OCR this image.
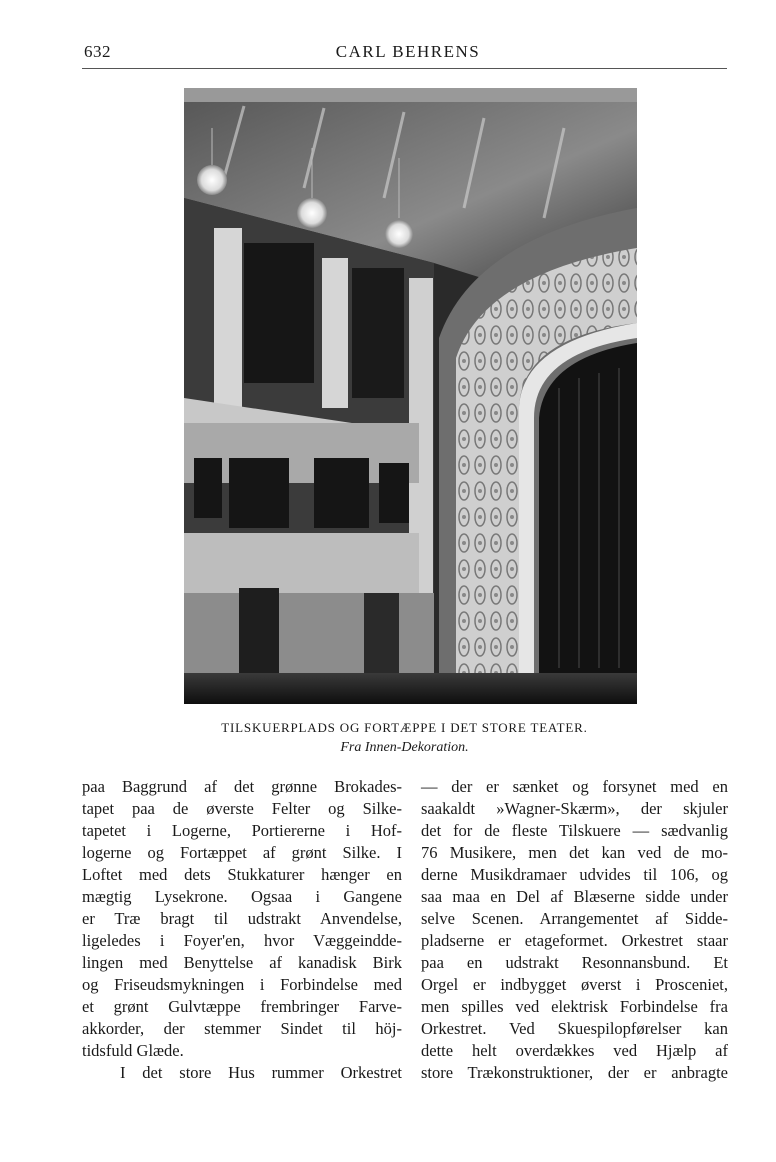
632	CARL BEHRENS
TILSKUERPLADS OG FORTÆPPE I DET STORE TEATER.
Fra Innen-Dekoration.
paa Baggrund af det grønne Brokades-
tapet paa de øverste Felter og Silke-
tapetet i Logerne, Portiererne i Hof-
logerne og Fortæppet af grønt Silke. I
Loftet med dets Stukkaturer hænger en
mægtig Lysekrone. Ogsaa i Gangene
er Træ bragt til udstrakt Anvendelse,
ligeledes i Foyer'en, hvor Væggeindde-
lingen med Benyttelse af kanadisk Birk
og Friseudsmykningen i Forbindelse med
et grønt Gulvtæppe frembringer Farve-
akkorder, der stemmer Sindet til höj-
tidsfuld Glæde.
I det store Hus rummer Orkestret
— der er sænket og forsynet med en
saakaldt »Wagner-Skærm», der skjuler
det for de fleste Tilskuere — sædvanlig
76 Musikere, men det kan ved de mo-
derne Musikdramaer udvides til 106, og
saa maa en Del af Blæserne sidde under
selve Scenen. Arrangementet af Sidde-
pladserne er etageformet. Orkestret staar
paa en udstrakt Resonnansbund. Et
Orgel er indbygget øverst i Prosceniet,
men spilles ved elektrisk Forbindelse fra
Orkestret. Ved Skuespilopførelser kan
dette helt overdækkes ved Hjælp af
store Trækonstruktioner, der er anbragte
